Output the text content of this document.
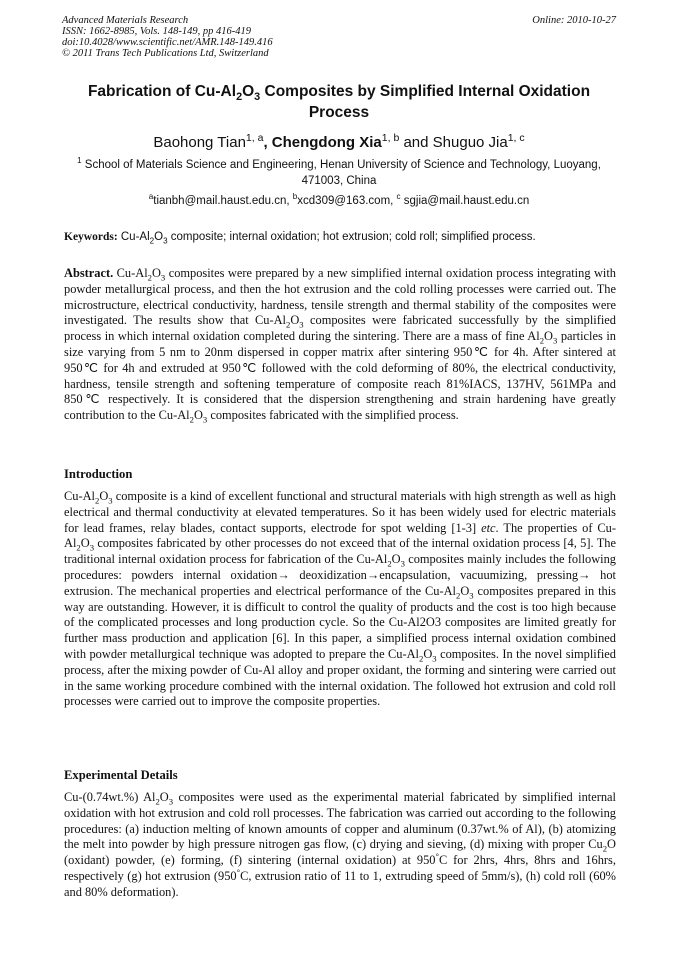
Advanced Materials Research	Online: 2010-10-27
ISSN: 1662-8985, Vols. 148-149, pp 416-419
doi:10.4028/www.scientific.net/AMR.148-149.416
© 2011 Trans Tech Publications Ltd, Switzerland
Fabrication of $Cu-Al_2O_3$ Composites by Simplified Internal Oxidation Process
Baohong Tian$^{1, a}$, Chengdong Xia$^{1, b}$ and Shuguo Jia$^{1, c}$
$^1$ School of Materials Science and Engineering, Henan University of Science and Technology, Luoyang, 471003, China
$^a$tianbh@mail.haust.edu.cn, $^b$xcd309@163.com, $^c$ sgjia@mail.haust.edu.cn
Keywords: $Cu-Al_2O_3$ composite; internal oxidation; hot extrusion; cold roll; simplified process.
Abstract. $Cu-Al_2O_3$ composites were prepared by a new simplified internal oxidation process integrating with powder metallurgical process, and then the hot extrusion and the cold rolling processes were carried out. The microstructure, electrical conductivity, hardness, tensile strength and thermal stability of the composites were investigated. The results show that $Cu-Al_2O_3$ composites were fabricated successfully by the simplified process in which internal oxidation completed during the sintering. There are a mass of fine $Al_2O_3$ particles in size varying from 5 nm to 20nm dispersed in copper matrix after sintering 950℃ for 4h. After sintered at 950℃ for 4h and extruded at 950℃ followed with the cold deforming of 80%, the electrical conductivity, hardness, tensile strength and softening temperature of composite reach 81%IACS, 137HV, 561MPa and 850℃ respectively. It is considered that the dispersion strengthening and strain hardening have greatly contribution to the $Cu-Al_2O_3$ composites fabricated with the simplified process.
Introduction
$Cu-Al_2O_3$ composite is a kind of excellent functional and structural materials with high strength as well as high electrical and thermal conductivity at elevated temperatures. So it has been widely used for electric materials for lead frames, relay blades, contact supports, electrode for spot welding [1-3] etc. The properties of $Cu-Al_2O_3$ composites fabricated by other processes do not exceed that of the internal oxidation process [4, 5]. The traditional internal oxidation process for fabrication of the $Cu-Al_2O_3$ composites mainly includes the following procedures: powders internal oxidation→ deoxidization→encapsulation, vacuumizing, pressing→ hot extrusion. The mechanical properties and electrical performance of the $Cu-Al_2O_3$ composites prepared in this way are outstanding. However, it is difficult to control the quality of products and the cost is too high because of the complicated processes and long production cycle. So the Cu-Al2O3 composites are limited greatly for further mass production and application [6]. In this paper, a simplified process internal oxidation combined with powder metallurgical technique was adopted to prepare the $Cu-Al_2O_3$ composites. In the novel simplified process, after the mixing powder of Cu-Al alloy and proper oxidant, the forming and sintering were carried out in the same working procedure combined with the internal oxidation. The followed hot extrusion and cold roll processes were carried out to improve the composite properties.
Experimental Details
Cu-(0.74wt.%) $Al_2O_3$ composites were used as the experimental material fabricated by simplified internal oxidation with hot extrusion and cold roll processes. The fabrication was carried out according to the following procedures: (a) induction melting of known amounts of copper and aluminum (0.37wt.% of Al), (b) atomizing the melt into powder by high pressure nitrogen gas flow, (c) drying and sieving, (d) mixing with proper $Cu_2O$ (oxidant) powder, (e) forming, (f) sintering (internal oxidation) at 950°C for 2hrs, 4hrs, 8hrs and 16hrs, respectively (g) hot extrusion (950°C, extrusion ratio of 11 to 1, extruding speed of 5mm/s), (h) cold roll (60% and 80% deformation).
